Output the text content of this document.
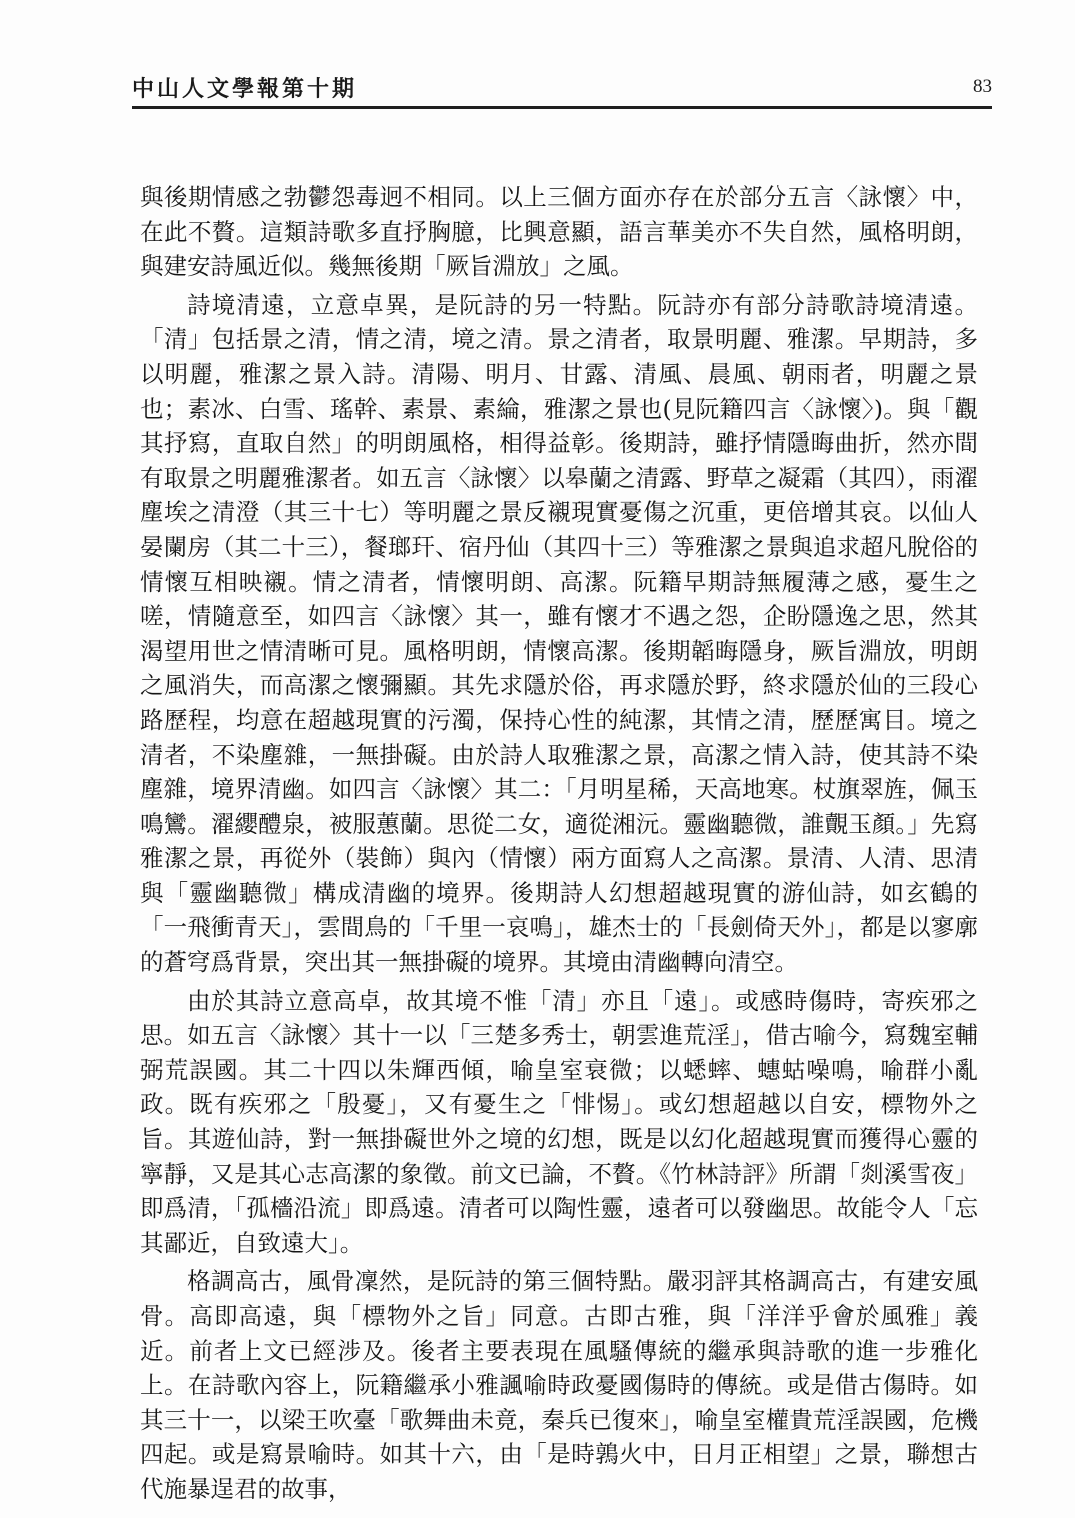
中山人文學報第十期	83

與後期情感之勃鬱怨毒迥不相同。以上三個方面亦存在於部分五言〈詠懷〉中，在此不贅。這類詩歌多直抒胸臆，比興意顯，語言華美亦不失自然，風格明朗，與建安詩風近似。幾無後期「厥旨淵放」之風。

詩境清遠，立意卓異，是阮詩的另一特點。阮詩亦有部分詩歌詩境清遠。「清」包括景之清，情之清，境之清。景之清者，取景明麗、雅潔。早期詩，多以明麗，雅潔之景入詩。清陽、明月、甘露、清風、晨風、朝雨者，明麗之景也；素冰、白雪、瑤幹、素景、素綸，雅潔之景也(見阮籍四言〈詠懷〉)。與「觀其抒寫，直取自然」的明朗風格，相得益彰。後期詩，雖抒情隱晦曲折，然亦間有取景之明麗雅潔者。如五言〈詠懷〉以皋蘭之清露、野草之凝霜（其四），雨濯塵埃之清澄（其三十七）等明麗之景反襯現實憂傷之沉重，更倍增其哀。以仙人晏闌房（其二十三），餐瑯玕、宿丹仙（其四十三）等雅潔之景與追求超凡脫俗的情懷互相映襯。情之清者，情懷明朗、高潔。阮籍早期詩無履薄之感，憂生之嗟，情隨意至，如四言〈詠懷〉其一，雖有懷才不遇之怨，企盼隱逸之思，然其渴望用世之情清晰可見。風格明朗，情懷高潔。後期韜晦隱身，厥旨淵放，明朗之風消失，而高潔之懷彌顯。其先求隱於俗，再求隱於野，終求隱於仙的三段心路歷程，均意在超越現實的污濁，保持心性的純潔，其情之清，歷歷寓目。境之清者，不染塵雜，一無掛礙。由於詩人取雅潔之景，高潔之情入詩，使其詩不染塵雜，境界清幽。如四言〈詠懷〉其二：「月明星稀，天高地寒。杖旗翠旌，佩玉鳴鸞。濯纓醴泉，被服蕙蘭。思從二女，適從湘沅。靈幽聽微，誰覿玉顏。」先寫雅潔之景，再從外（裝飾）與內（情懷）兩方面寫人之高潔。景清、人清、思清與「靈幽聽微」構成清幽的境界。後期詩人幻想超越現實的游仙詩，如玄鶴的「一飛衝青天」，雲間鳥的「千里一哀鳴」，雄杰士的「長劍倚天外」，都是以寥廓的蒼穹爲背景，突出其一無掛礙的境界。其境由清幽轉向清空。

由於其詩立意高卓，故其境不惟「清」亦且「遠」。或感時傷時，寄疾邪之思。如五言〈詠懷〉其十一以「三楚多秀士，朝雲進荒淫」，借古喻今，寫魏室輔弼荒誤國。其二十四以朱輝西傾，喻皇室衰微；以蟋蟀、蟪蛄噪鳴，喻群小亂政。既有疾邪之「殷憂」，又有憂生之「悱惕」。或幻想超越以自安，標物外之旨。其遊仙詩，對一無掛礙世外之境的幻想，既是以幻化超越現實而獲得心靈的寧靜，又是其心志高潔的象徵。前文已論，不贅。《竹林詩評》所謂「剡溪雪夜」即爲清，「孤檣沿流」即爲遠。清者可以陶性靈，遠者可以發幽思。故能令人「忘其鄙近，自致遠大」。

格調高古，風骨凜然，是阮詩的第三個特點。嚴羽評其格調高古，有建安風骨。高即高遠，與「標物外之旨」同意。古即古雅，與「洋洋乎會於風雅」義近。前者上文已經涉及。後者主要表現在風騷傳統的繼承與詩歌的進一步雅化上。在詩歌內容上，阮籍繼承小雅諷喻時政憂國傷時的傳統。或是借古傷時。如其三十一，以梁王吹臺「歌舞曲未竟，秦兵已復來」，喻皇室權貴荒淫誤國，危機四起。或是寫景喻時。如其十六，由「是時鶉火中，日月正相望」之景，聯想古代施暴逞君的故事，
